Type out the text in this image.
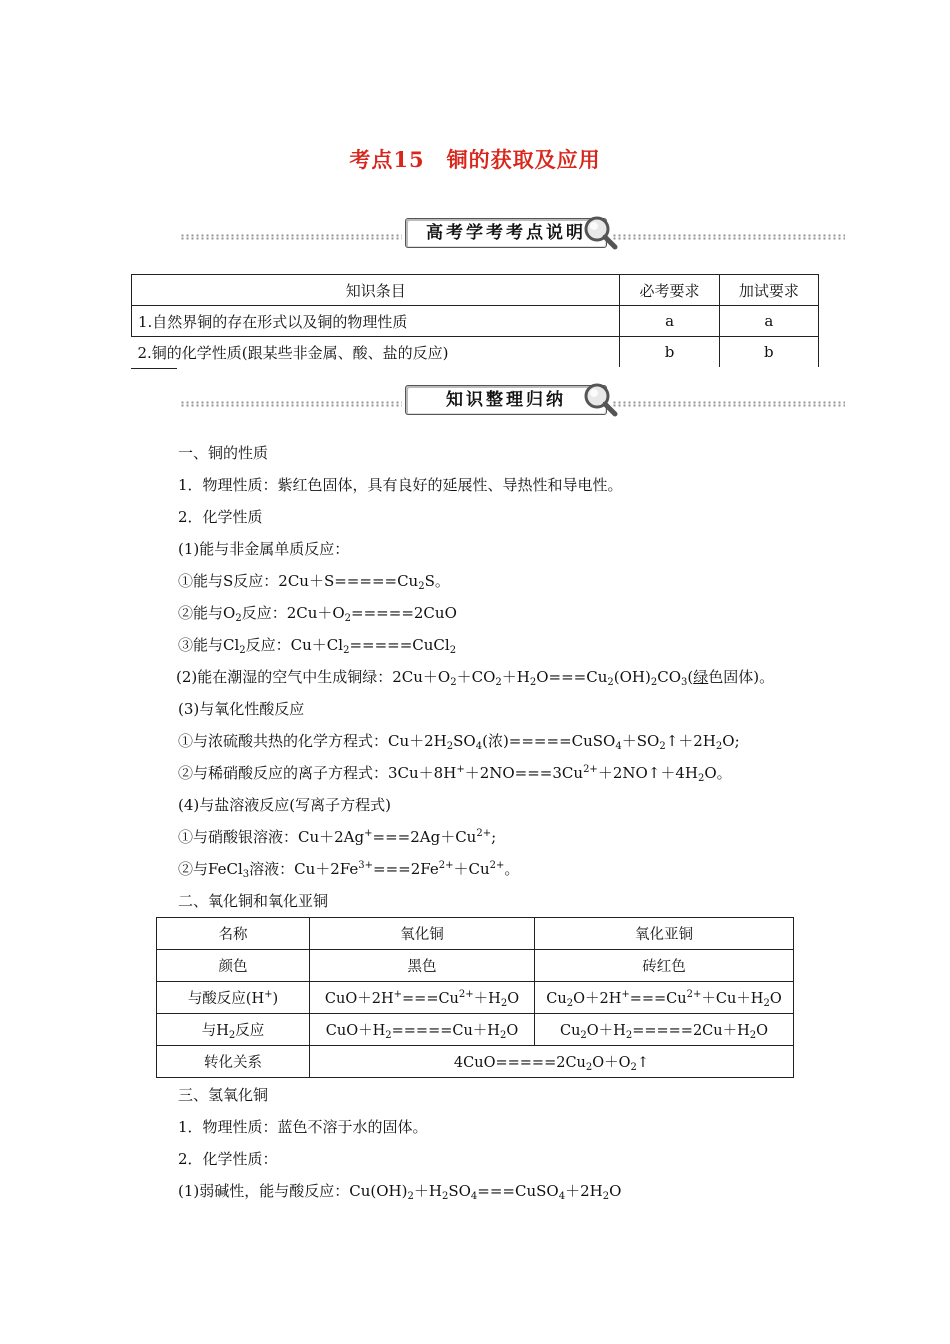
考点15　铜的获取及应用
高考学考考点说明
知识条目	必考要求	加试要求
1.自然界铜的存在形式以及铜的物理性质	a	a
2.铜的化学性质(跟某些非金属、酸、盐的反应)	b	b
知识整理归纳
一、铜的性质
1．物理性质：紫红色固体，具有良好的延展性、导热性和导电性。
2．化学性质
(1)能与非金属单质反应：
①能与S反应：$2Cu+S=====Cu_2S$。
②能与$O_2$反应：$2Cu+O_2=====2CuO$
③能与$Cl_2$反应：$Cu+Cl_2=====CuCl_2$
(2)能在潮湿的空气中生成铜绿：$2Cu+O_2+CO_2+H_2O===Cu_2(OH)_2CO_3$(绿色固体)。
(3)与氧化性酸反应
①与浓硫酸共热的化学方程式：$Cu+2H_2SO_4$(浓)$=====CuSO_4+SO_2↑+2H_2O$;
②与稀硝酸反应的离子方程式：$3Cu+8H^++2NO===3Cu^{2+}+2NO↑+4H_2O$。
(4)与盐溶液反应(写离子方程式)
①与硝酸银溶液：$Cu+2Ag^+===2Ag+Cu^{2+}$;
②与FeCl$_3$溶液：$Cu+2Fe^{3+}===2Fe^{2+}+Cu^{2+}$。
二、氧化铜和氧化亚铜
三、氢氧化铜
1．物理性质：蓝色不溶于水的固体。
2．化学性质：
(1)弱碱性，能与酸反应：$Cu(OH)_2+H_2SO_4===CuSO_4+2H_2O$
名称	氧化铜	氧化亚铜
颜色	黑色	砖红色
与酸反应(H+)	$CuO+2H^+===Cu^{2+}+H_2O$	$Cu_2O+2H^+===Cu^{2+}+Cu+H_2O$
与$H_2$反应	$CuO+H_2=====Cu+H_2O$	$Cu_2O+H_2=====2Cu+H_2O$
转化关系	$4CuO=====2Cu_2O+O_2↑$	
